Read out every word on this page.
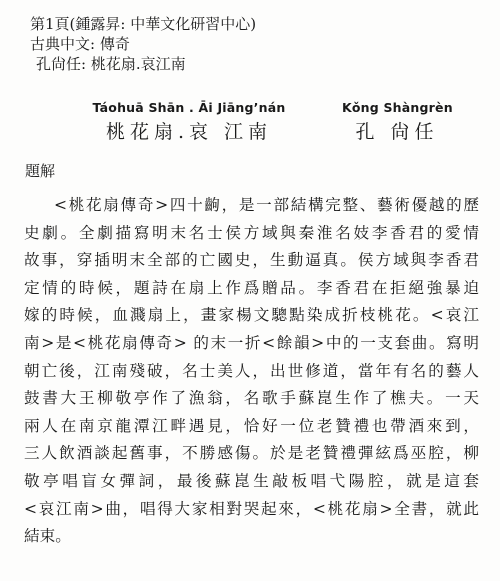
第1頁(鍾露昇: 中華文化研習中心)
古典中文: 傳奇
孔尙任: 桃花扇.哀江南
Táohuā Shān . Āi Jiāng’nán
桃花扇.哀 江南
Kǒng Shàngrèn
孔 尙任
題解
<桃花扇傳奇>四十齣，是一部結構完整、藝術優越的歷
史劇。全劇描寫明末名士侯方域與秦淮名妓李香君的愛情
故事，穿插明末全部的亡國史，生動逼真。侯方域與李香君
定情的時候，題詩在扇上作爲贈品。李香君在拒絕強暴迫
嫁的時候，血濺扇上，畫家楊文驄點染成折枝桃花。<哀江
南>是<桃花扇傳奇> 的末一折<餘韻>中的一支套曲。寫明
朝亡後，江南殘破，名士美人，出世修道，當年有名的藝人
鼓書大王柳敬亭作了漁翁，名歌手蘇崑生作了樵夫。一天
兩人在南京龍潭江畔遇見，恰好一位老贊禮也帶酒來到，
三人飲酒談起舊事，不勝感傷。於是老贊禮彈絃爲巫腔，柳
敬亭唱盲女彈詞，最後蘇崑生敲板唱弋陽腔，就是這套
<哀江南>曲，唱得大家相對哭起來，<桃花扇>全書，就此
結束。
